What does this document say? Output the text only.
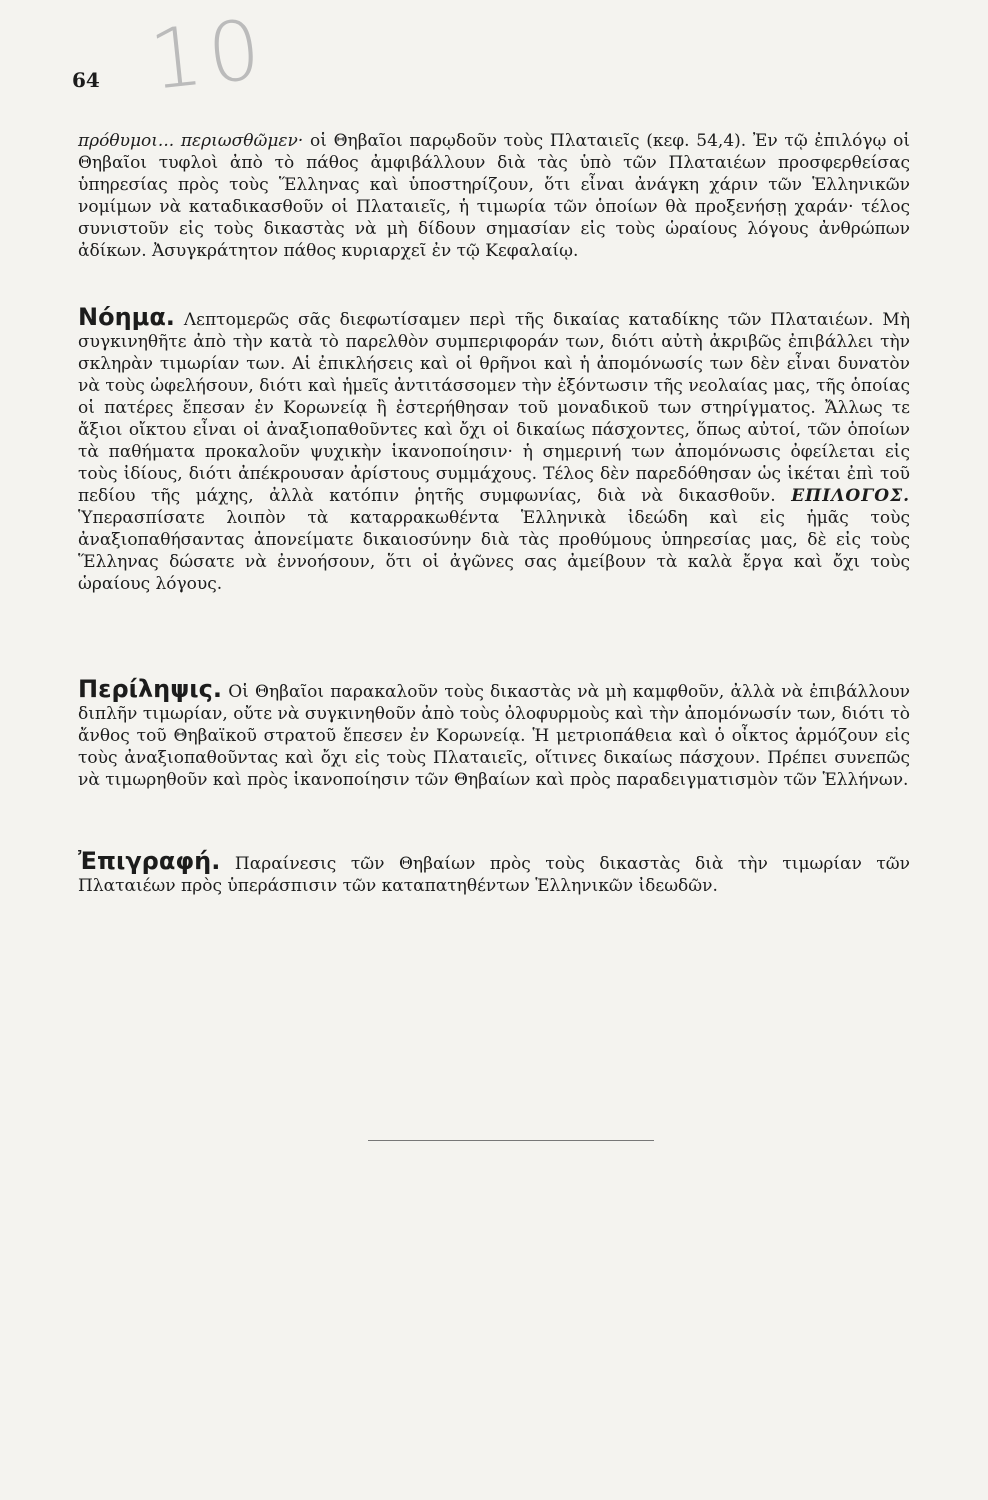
64 10

πρόθυμοι... περιωσθῶμεν· οἱ Θηβαῖοι παρῳδοῦν τοὺς Πλαταιεῖς (κεφ. 54,4). Ἐν τῷ ἐπιλόγῳ οἱ Θηβαῖοι τυφλοὶ ἀπὸ τὸ πάθος ἀμφιβάλλουν διὰ τὰς ὑπὸ τῶν Πλαταιέων προσφερθείσας ὑπηρεσίας πρὸς τοὺς Ἕλληνας καὶ ὑποστηρίζουν, ὅτι εἶναι ἀνάγκη χάριν τῶν Ἑλληνικῶν νομίμων νὰ καταδικασθοῦν οἱ Πλαταιεῖς, ἡ τιμωρία τῶν ὁποίων θὰ προξενήσῃ χαράν· τέλος συνιστοῦν εἰς τοὺς δικαστὰς νὰ μὴ δίδουν σημασίαν εἰς τοὺς ὡραίους λόγους ἀνθρώπων ἀδίκων. Ἀσυγκράτητον πάθος κυριαρχεῖ ἐν τῷ Κεφαλαίῳ.

Νόημα. Λεπτομερῶς σᾶς διεφωτίσαμεν περὶ τῆς δικαίας καταδίκης τῶν Πλαταιέων. Μὴ συγκινηθῆτε ἀπὸ τὴν κατὰ τὸ παρελθὸν συμπεριφοράν των, διότι αὐτὴ ἀκριβῶς ἐπιβάλλει τὴν σκληρὰν τιμωρίαν των. Αἱ ἐπικλήσεις καὶ οἱ θρῆνοι καὶ ἡ ἀπομόνωσίς των δὲν εἶναι δυνατὸν νὰ τοὺς ὠφελήσουν, διότι καὶ ἡμεῖς ἀντιτάσσομεν τὴν ἐξόντωσιν τῆς νεολαίας μας, τῆς ὁποίας οἱ πατέρες ἔπεσαν ἐν Κορωνείᾳ ἢ ἐστερήθησαν τοῦ μοναδικοῦ των στηρίγματος. Ἄλλως τε ἄξιοι οἴκτου εἶναι οἱ ἀναξιοπαθοῦντες καὶ ὄχι οἱ δικαίως πάσχοντες, ὅπως αὐτοί, τῶν ὁποίων τὰ παθήματα προκαλοῦν ψυχικὴν ἱκανοποίησιν· ἡ σημερινή των ἀπομόνωσις ὀφείλεται εἰς τοὺς ἰδίους, διότι ἀπέκρουσαν ἀρίστους συμμάχους. Τέλος δὲν παρεδόθησαν ὡς ἱκέται ἐπὶ τοῦ πεδίου τῆς μάχης, ἀλλὰ κατόπιν ῥητῆς συμφωνίας, διὰ νὰ δικασθοῦν. ΕΠΙΛΟΓΟΣ. Ὑπερασπίσατε λοιπὸν τὰ καταρρακωθέντα Ἑλληνικὰ ἰδεώδη καὶ εἰς ἡμᾶς τοὺς ἀναξιοπαθήσαντας ἀπονείματε δικαιοσύνην διὰ τὰς προθύμους ὑπηρεσίας μας, δὲ εἰς τοὺς Ἕλληνας δώσατε νὰ ἐννοήσουν, ὅτι οἱ ἀγῶνες σας ἀμείβουν τὰ καλὰ ἔργα καὶ ὄχι τοὺς ὡραίους λόγους.

Περίληψις. Οἱ Θηβαῖοι παρακαλοῦν τοὺς δικαστὰς νὰ μὴ καμφθοῦν, ἀλλὰ νὰ ἐπιβάλλουν διπλῆν τιμωρίαν, οὔτε νὰ συγκινηθοῦν ἀπὸ τοὺς ὀλοφυρμοὺς καὶ τὴν ἀπομόνωσίν των, διότι τὸ ἄνθος τοῦ Θηβαϊκοῦ στρατοῦ ἔπεσεν ἐν Κορωνείᾳ. Ἡ μετριοπάθεια καὶ ὁ οἶκτος ἁρμόζουν εἰς τοὺς ἀναξιοπαθοῦντας καὶ ὄχι εἰς τοὺς Πλαταιεῖς, οἵτινες δικαίως πάσχουν. Πρέπει συνεπῶς νὰ τιμωρηθοῦν καὶ πρὸς ἱκανοποίησιν τῶν Θηβαίων καὶ πρὸς παραδειγματισμὸν τῶν Ἑλλήνων.

Ἐπιγραφή. Παραίνεσις τῶν Θηβαίων πρὸς τοὺς δικαστὰς διὰ τὴν τιμωρίαν τῶν Πλαταιέων πρὸς ὑπεράσπισιν τῶν καταπατηθέντων Ἑλληνικῶν ἰδεωδῶν.
